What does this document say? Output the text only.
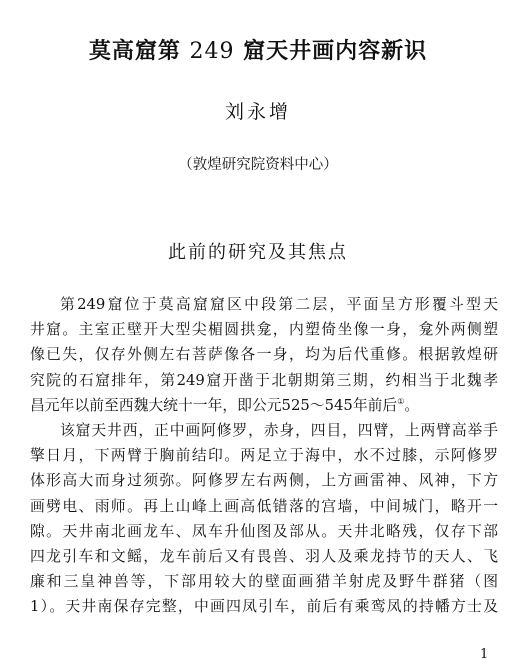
莫高窟第 249 窟天井画内容新识
刘永增
（敦煌研究院资料中心）
此前的研究及其焦点
第249窟位于莫高窟窟区中段第二层，平面呈方形覆斗型天
井窟。主室正壁开大型尖楣圆拱龛，内塑倚坐像一身，龛外两侧塑
像已失，仅存外侧左右菩萨像各一身，均为后代重修。根据敦煌研
究院的石窟排年，第249窟开凿于北朝期第三期，约相当于北魏孝
昌元年以前至西魏大统十一年，即公元525～545年前后①。
该窟天井西，正中画阿修罗，赤身，四目，四臂，上两臂高举手
擎日月，下两臂于胸前结印。两足立于海中，水不过膝，示阿修罗
体形高大而身过须弥。阿修罗左右两侧，上方画雷神、风神，下方
画劈电、雨师。再上山峰上画高低错落的宫墙，中间城门，略开一
隙。天井南北画龙车、凤车升仙图及部从。天井北略残，仅存下部
四龙引车和文鳐，龙车前后又有畏兽、羽人及乘龙持节的天人、飞
廉和三皇神兽等，下部用较大的壁面画猎羊射虎及野牛群猪（图
1）。天井南保存完整，中画四凤引车，前后有乘鸾凤的持幡方士及
1
